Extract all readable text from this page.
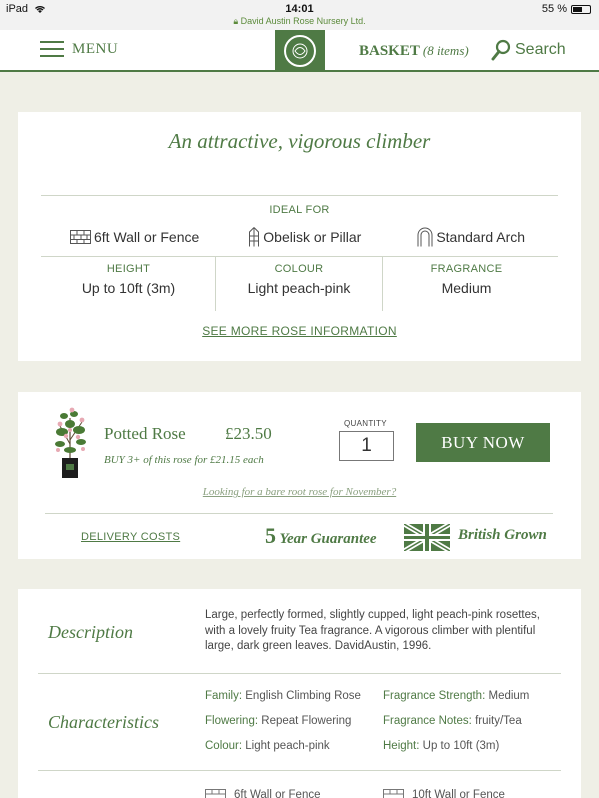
iPad	14:01
🔒︎ David Austin Rose Nursery Ltd.
55 %
MENU	BASKET (8 items)	Search
An attractive, vigorous climber
IDEAL FOR
6ft Wall or Fence	Obelisk or Pillar	Standard Arch
HEIGHT
Up to 10ft (3m)
COLOUR
Light peach-pink
FRAGRANCE
Medium
SEE MORE ROSE INFORMATION
Potted Rose £23.50
BUY 3+ of this rose for £21.15 each
QUANTITY
1	BUY NOW
Looking for a bare root rose for November?
DELIVERY COSTS	5 Year Guarantee	British Grown
Description
Large, perfectly formed, slightly cupped, light peach-pink rosettes, with a lovely fruity Tea fragrance. A vigorous climber with plentiful large, dark green leaves. DavidAustin, 1996.
Characteristics
Family: English Climbing Rose Fragrance Strength: Medium
Flowering: Repeat Flowering	Fragrance Notes: fruity/Tea
Colour: Light peach-pink	Height: Up to 10ft (3m)
6ft Wall or Fence	10ft Wall or Fence
